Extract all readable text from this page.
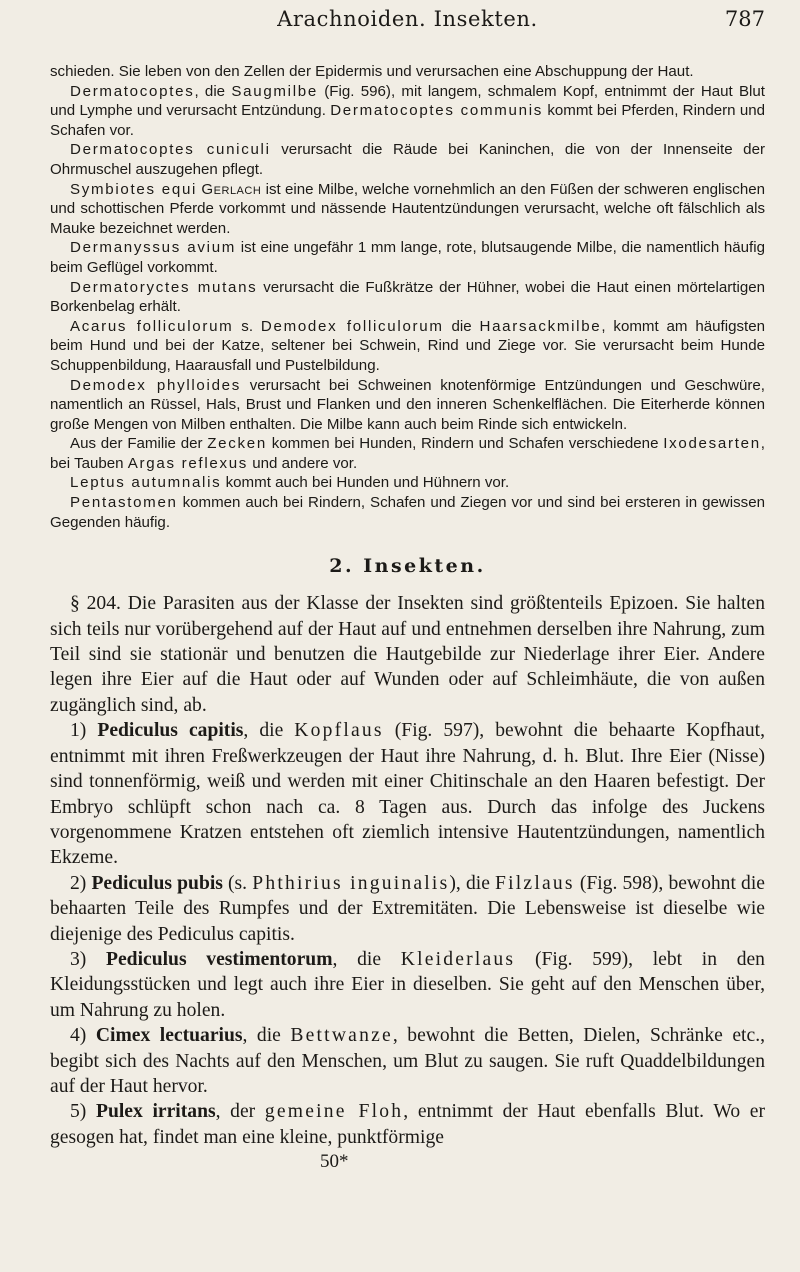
Arachnoiden. Insekten.	787

schieden. Sie leben von den Zellen der Epidermis und verursachen eine Abschuppung der Haut.

Dermatocoptes, die Saugmilbe (Fig. 596), mit langem, schmalem Kopf, entnimmt der Haut Blut und Lymphe und verursacht Entzündung. Dermatocoptes communis kommt bei Pferden, Rindern und Schafen vor.

Dermatocoptes cuniculi verursacht die Räude bei Kaninchen, die von der Innenseite der Ohrmuschel auszugehen pflegt.

Symbiotes equi Gerlach ist eine Milbe, welche vornehmlich an den Füßen der schweren englischen und schottischen Pferde vorkommt und nässende Hautentzündungen verursacht, welche oft fälschlich als Mauke bezeichnet werden.

Dermanyssus avium ist eine ungefähr 1 mm lange, rote, blutsaugende Milbe, die namentlich häufig beim Geflügel vorkommt.

Dermatoryctes mutans verursacht die Fußkrätze der Hühner, wobei die Haut einen mörtelartigen Borkenbelag erhält.

Acarus folliculorum s. Demodex folliculorum die Haarsackmilbe, kommt am häufigsten beim Hund und bei der Katze, seltener bei Schwein, Rind und Ziege vor. Sie verursacht beim Hunde Schuppenbildung, Haarausfall und Pustelbildung.

Demodex phylloides verursacht bei Schweinen knotenförmige Entzündungen und Geschwüre, namentlich an Rüssel, Hals, Brust und Flanken und den inneren Schenkelflächen. Die Eiterherde können große Mengen von Milben enthalten. Die Milbe kann auch beim Rinde sich entwickeln.

Aus der Familie der Zecken kommen bei Hunden, Rindern und Schafen verschiedene Ixodesarten, bei Tauben Argas reflexus und andere vor.

Leptus autumnalis kommt auch bei Hunden und Hühnern vor.

Pentastomen kommen auch bei Rindern, Schafen und Ziegen vor und sind bei ersteren in gewissen Gegenden häufig.

2. Insekten.

§ 204. Die Parasiten aus der Klasse der Insekten sind größtenteils Epizoen. Sie halten sich teils nur vorübergehend auf der Haut auf und entnehmen derselben ihre Nahrung, zum Teil sind sie stationär und benutzen die Hautgebilde zur Niederlage ihrer Eier. Andere legen ihre Eier auf die Haut oder auf Wunden oder auf Schleimhäute, die von außen zugänglich sind, ab.

1) Pediculus capitis, die Kopflaus (Fig. 597), bewohnt die behaarte Kopfhaut, entnimmt mit ihren Freßwerkzeugen der Haut ihre Nahrung, d. h. Blut. Ihre Eier (Nisse) sind tonnenförmig, weiß und werden mit einer Chitinschale an den Haaren befestigt. Der Embryo schlüpft schon nach ca. 8 Tagen aus. Durch das infolge des Juckens vorgenommene Kratzen entstehen oft ziemlich intensive Hautentzündungen, namentlich Ekzeme.

2) Pediculus pubis (s. Phthirius inguinalis), die Filzlaus (Fig. 598), bewohnt die behaarten Teile des Rumpfes und der Extremitäten. Die Lebensweise ist dieselbe wie diejenige des Pediculus capitis.

3) Pediculus vestimentorum, die Kleiderlaus (Fig. 599), lebt in den Kleidungsstücken und legt auch ihre Eier in dieselben. Sie geht auf den Menschen über, um Nahrung zu holen.

4) Cimex lectuarius, die Bettwanze, bewohnt die Betten, Dielen, Schränke etc., begibt sich des Nachts auf den Menschen, um Blut zu saugen. Sie ruft Quaddelbildungen auf der Haut hervor.

5) Pulex irritans, der gemeine Floh, entnimmt der Haut ebenfalls Blut. Wo er gesogen hat, findet man eine kleine, punktförmige

50*
